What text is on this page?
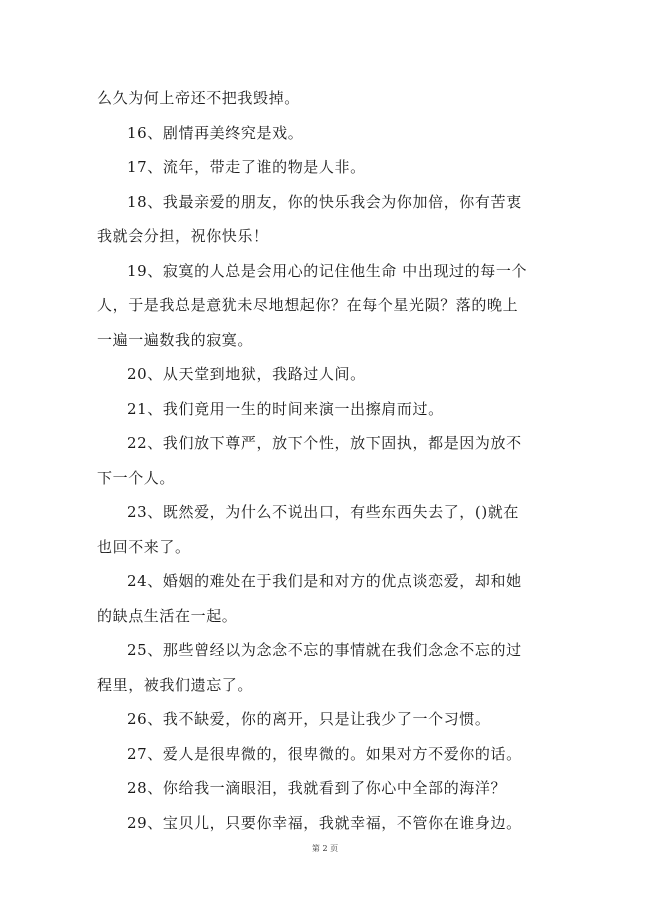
么久为何上帝还不把我毁掉。
16、剧情再美终究是戏。
17、流年，带走了谁的物是人非。
18、我最亲爱的朋友，你的快乐我会为你加倍，你有苦衷
我就会分担，祝你快乐！
19、寂寞的人总是会用心的记住他生命 中出现过的每一个
人，于是我总是意犹未尽地想起你？在每个星光陨？落的晚上
一遍一遍数我的寂寞。
20、从天堂到地狱，我路过人间。
21、我们竟用一生的时间来演一出擦肩而过。
22、我们放下尊严，放下个性，放下固执，都是因为放不
下一个人。
23、既然爱，为什么不说出口，有些东西失去了，()就在
也回不来了。
24、婚姻的难处在于我们是和对方的优点谈恋爱，却和她
的缺点生活在一起。
25、那些曾经以为念念不忘的事情就在我们念念不忘的过
程里，被我们遗忘了。
26、我不缺爱，你的离开，只是让我少了一个习惯。
27、爱人是很卑微的，很卑微的。如果对方不爱你的话。
28、你给我一滴眼泪，我就看到了你心中全部的海洋？
29、宝贝儿，只要你幸福，我就幸福，不管你在谁身边。
第 2 页
